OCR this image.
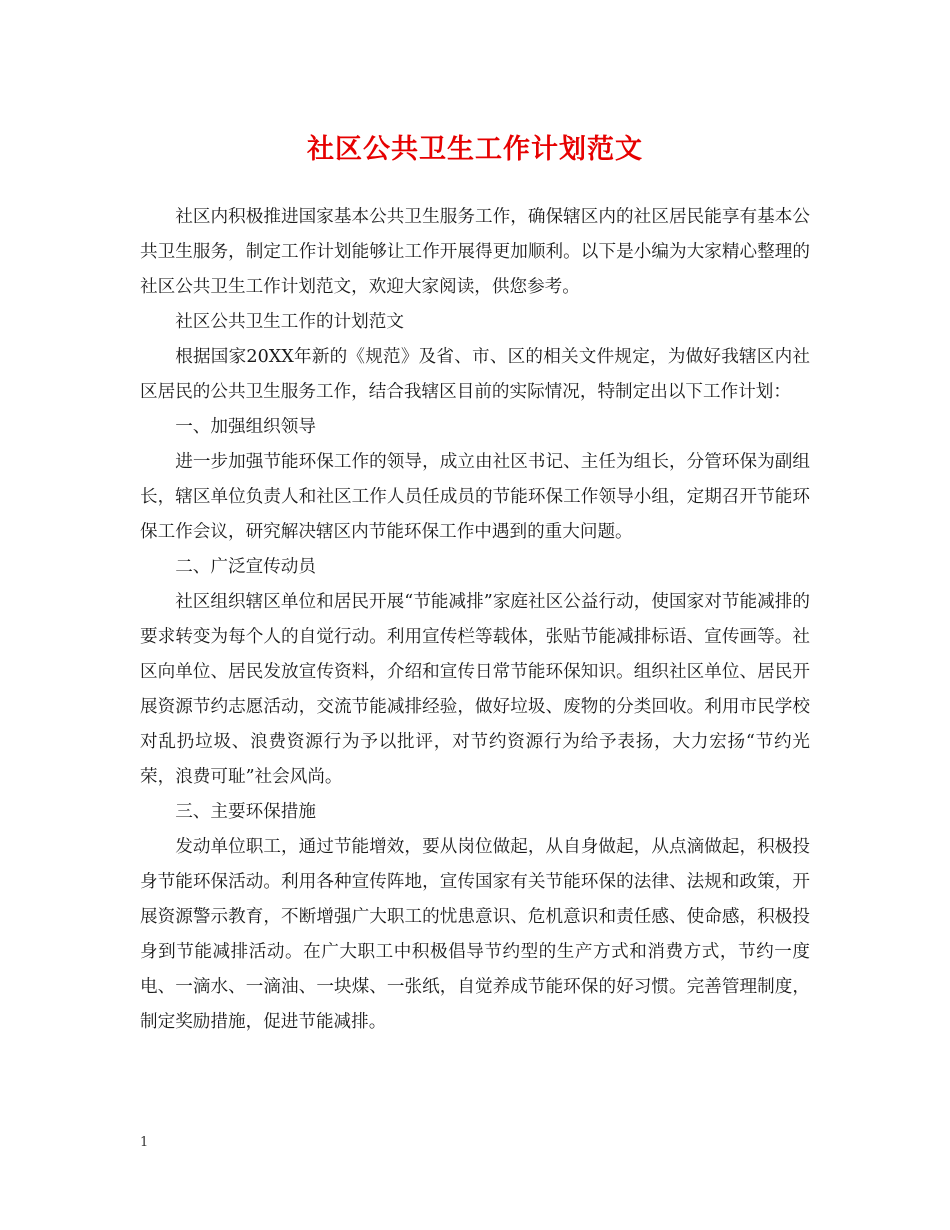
社区公共卫生工作计划范文

社区内积极推进国家基本公共卫生服务工作，确保辖区内的社区居民能享有基本公共卫生服务，制定工作计划能够让工作开展得更加顺利。以下是小编为大家精心整理的社区公共卫生工作计划范文，欢迎大家阅读，供您参考。

社区公共卫生工作的计划范文

根据国家20XX年新的《规范》及省、市、区的相关文件规定，为做好我辖区内社区居民的公共卫生服务工作，结合我辖区目前的实际情况，特制定出以下工作计划：

一、加强组织领导

进一步加强节能环保工作的领导，成立由社区书记、主任为组长，分管环保为副组长，辖区单位负责人和社区工作人员任成员的节能环保工作领导小组，定期召开节能环保工作会议，研究解决辖区内节能环保工作中遇到的重大问题。

二、广泛宣传动员

社区组织辖区单位和居民开展“节能减排”家庭社区公益行动，使国家对节能减排的要求转变为每个人的自觉行动。利用宣传栏等载体，张贴节能减排标语、宣传画等。社区向单位、居民发放宣传资料，介绍和宣传日常节能环保知识。组织社区单位、居民开展资源节约志愿活动，交流节能减排经验，做好垃圾、废物的分类回收。利用市民学校对乱扔垃圾、浪费资源行为予以批评，对节约资源行为给予表扬，大力宏扬“节约光荣，浪费可耻”社会风尚。

三、主要环保措施

发动单位职工，通过节能增效，要从岗位做起，从自身做起，从点滴做起，积极投身节能环保活动。利用各种宣传阵地，宣传国家有关节能环保的法律、法规和政策，开展资源警示教育，不断增强广大职工的忧患意识、危机意识和责任感、使命感，积极投身到节能减排活动。在广大职工中积极倡导节约型的生产方式和消费方式，节约一度电、一滴水、一滴油、一块煤、一张纸，自觉养成节能环保的好习惯。完善管理制度，制定奖励措施，促进节能减排。

1
